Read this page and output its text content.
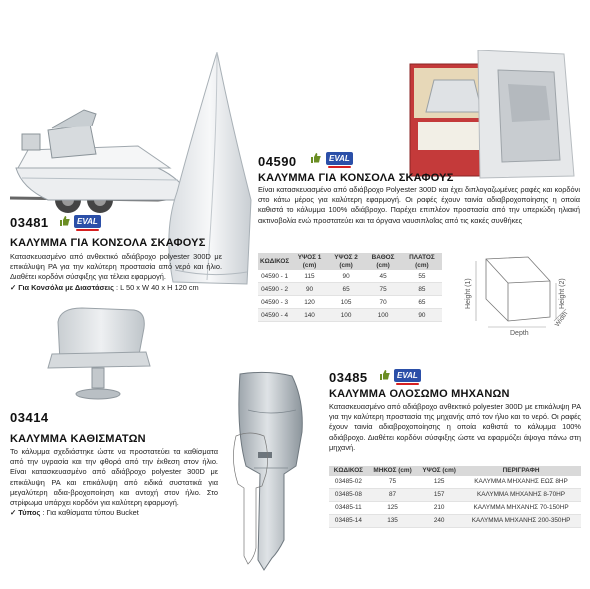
03481	EVAL
ΚΑΛΥΜΜΑ ΓΙΑ ΚΟΝΣΟΛΑ ΣΚΑΦΟΥΣ

Κατασκευασμένο από ανθεκτικό αδιάβροχο polyester 300D με επικάλυψη PA για την καλύτερη προστασία από νερό και ήλιο. Διαθέτει κορδόνι σύσφιξης για τέλεια εφαρμογή.

✓ Για Κονσόλα με Διαστάσεις : L 50 x W 40 x H 120 cm

04590	EVAL
ΚΑΛΥΜΜΑ ΓΙΑ ΚΟΝΣΟΛΑ ΣΚΑΦΟΥΣ

Είναι κατασκευασμένο από αδιάβροχο Polyester 300D και έχει διπλογαζωμένες ραφές και κορδόνι στο κάτω μέρος για καλύτερη εφαρμογή. Οι ραφές έχουν ταινία αδιαβροχοποίησης η οποία καθιστά το κάλυμμα 100% αδιάβροχο. Παρέχει επιπλέον προστασία από την υπεριώδη ηλιακή ακτινοβολία ενώ προστατεύει και τα όργανα ναυσιπλοΐας από τις κακές συνθήκες

ΚΩΔΙΚΟΣ	ΥΨΟΣ 1 (cm)	ΥΨΟΣ 2 (cm)	ΒΑΘΟΣ (cm)	ΠΛΑΤΟΣ (cm)
04590 - 1	115	90	45	55
04590 - 2	90	65	75	85
04590 - 3	120	105	70	65
04590 - 4	140	100	100	90
Height (1)	Height (2)
Depth
Width
03414
ΚΑΛΥΜΜΑ ΚΑΘΙΣΜΑΤΩΝ

Το κάλυμμα σχεδιάστηκε ώστε να προστατεύει τα καθίσματα από την υγρασία και την φθορά από την έκθεση στον ήλιο. Είναι κατασκευασμένο από αδιάβροχο polyester 300D με επικάλυψη PA και επικάλυψη από ειδικά συστατικά για μεγαλύτερη αδια-βροχοποίηση και αντοχή στον ήλιο. Στο στρίφωμα υπάρχει κορδόνι για καλύτερη εφαρμογή.

✓ Τύπος : Για καθίσματα τύπου Bucket

03485	EVAL
ΚΑΛΥΜΜΑ ΟΛΟΣΩΜΟ ΜΗΧΑΝΩΝ

Κατασκευασμένο από αδιάβροχο ανθεκτικό polyester 300D με επικάλυψη PA για την καλύτερη προστασία της μηχανής από τον ήλιο και το νερό. Οι ραφές έχουν ταινία αδιαβροχοποίησης η οποία καθιστά το κάλυμμα 100% αδιάβροχο. Διαθέτει κορδόνι σύσφιξης ώστε να εφαρμόζει άψογα πάνω στη μηχανή.

ΚΩΔΙΚΟΣ	ΜΗΚΟΣ (cm)	ΥΨΟΣ (cm)	ΠΕΡΙΓΡΑΦΗ
03485-02	75	125	ΚΑΛΥΜΜΑ ΜΗΧΑΝΗΣ ΕΩΣ 8HP
03485-08	87	157	ΚΑΛΥΜΜΑ ΜΗΧΑΝΗΣ 8-70HP
03485-11	125	210	ΚΑΛΥΜΜΑ ΜΗΧΑΝΗΣ 70-150HP
03485-14	135	240	ΚΑΛΥΜΜΑ ΜΗΧΑΝΗΣ 200-350HP
